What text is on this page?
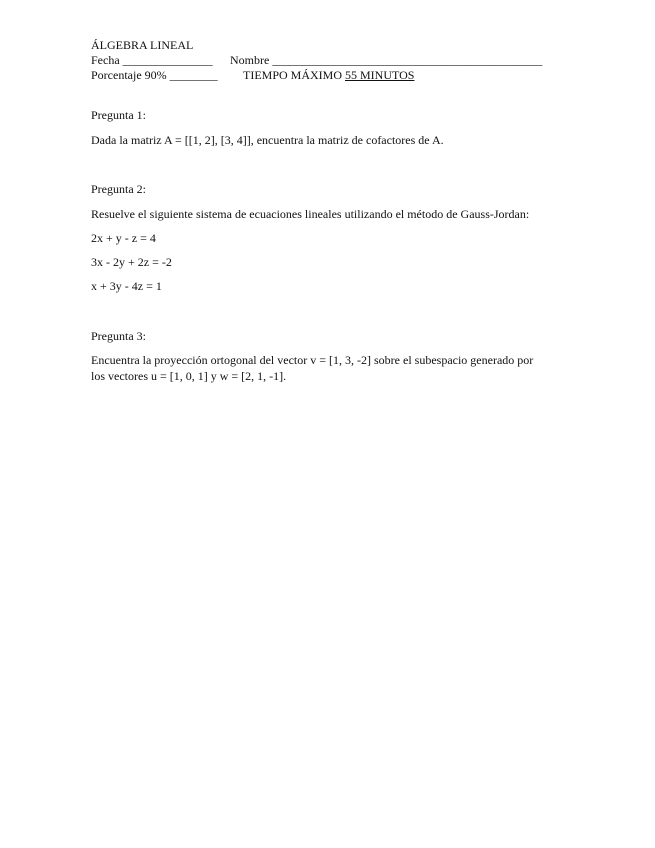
ÁLGEBRA LINEAL
Fecha _______________ Nombre _____________________________________________
Porcentaje 90% ________ TIEMPO MÁXIMO 55 MINUTOS
Pregunta 1:
Dada la matriz A = [[1, 2], [3, 4]], encuentra la matriz de cofactores de A.
Pregunta 2:
Resuelve el siguiente sistema de ecuaciones lineales utilizando el método de Gauss-Jordan:
2x + y - z = 4
3x - 2y + 2z = -2
x + 3y - 4z = 1
Pregunta 3:
Encuentra la proyección ortogonal del vector v = [1, 3, -2] sobre el subespacio generado por
los vectores u = [1, 0, 1] y w = [2, 1, -1].
